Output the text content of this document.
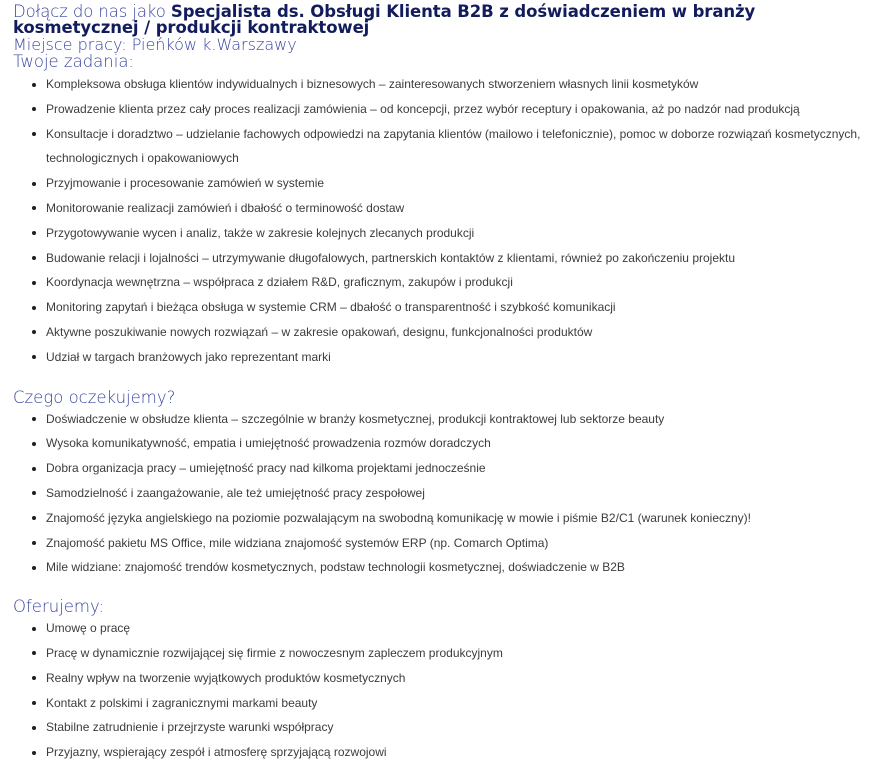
Dołącz do nas jako Specjalista ds. Obsługi Klienta B2B z doświadczeniem w branży kosmetycznej / produkcji kontraktowej

Miejsce pracy: Pieńków k.Warszawy

Twoje zadania:
Kompleksowa obsługa klientów indywidualnych i biznesowych – zainteresowanych stworzeniem własnych linii kosmetyków
Prowadzenie klienta przez cały proces realizacji zamówienia – od koncepcji, przez wybór receptury i opakowania, aż po nadzór nad produkcją
Konsultacje i doradztwo – udzielanie fachowych odpowiedzi na zapytania klientów (mailowo i telefonicznie), pomoc w doborze rozwiązań kosmetycznych, technologicznych i opakowaniowych
Przyjmowanie i procesowanie zamówień w systemie
Monitorowanie realizacji zamówień i dbałość o terminowość dostaw
Przygotowywanie wycen i analiz, także w zakresie kolejnych zlecanych produkcji
Budowanie relacji i lojalności – utrzymywanie długofalowych, partnerskich kontaktów z klientami, również po zakończeniu projektu
Koordynacja wewnętrzna – współpraca z działem R&D, graficznym, zakupów i produkcji
Monitoring zapytań i bieżąca obsługa w systemie CRM – dbałość o transparentność i szybkość komunikacji
Aktywne poszukiwanie nowych rozwiązań – w zakresie opakowań, designu, funkcjonalności produktów
Udział w targach branżowych jako reprezentant marki
Czego oczekujemy?
Doświadczenie w obsłudze klienta – szczególnie w branży kosmetycznej, produkcji kontraktowej lub sektorze beauty
Wysoka komunikatywność, empatia i umiejętność prowadzenia rozmów doradczych
Dobra organizacja pracy – umiejętność pracy nad kilkoma projektami jednocześnie
Samodzielność i zaangażowanie, ale też umiejętność pracy zespołowej
Znajomość języka angielskiego na poziomie pozwalającym na swobodną komunikację w mowie i piśmie B2/C1 (warunek konieczny)!
Znajomość pakietu MS Office, mile widziana znajomość systemów ERP (np. Comarch Optima)
Mile widziane: znajomość trendów kosmetycznych, podstaw technologii kosmetycznej, doświadczenie w B2B
Oferujemy:
Umowę o pracę
Pracę w dynamicznie rozwijającej się firmie z nowoczesnym zapleczem produkcyjnym
Realny wpływ na tworzenie wyjątkowych produktów kosmetycznych
Kontakt z polskimi i zagranicznymi markami beauty
Stabilne zatrudnienie i przejrzyste warunki współpracy
Przyjazny, wspierający zespół i atmosferę sprzyjającą rozwojowi
